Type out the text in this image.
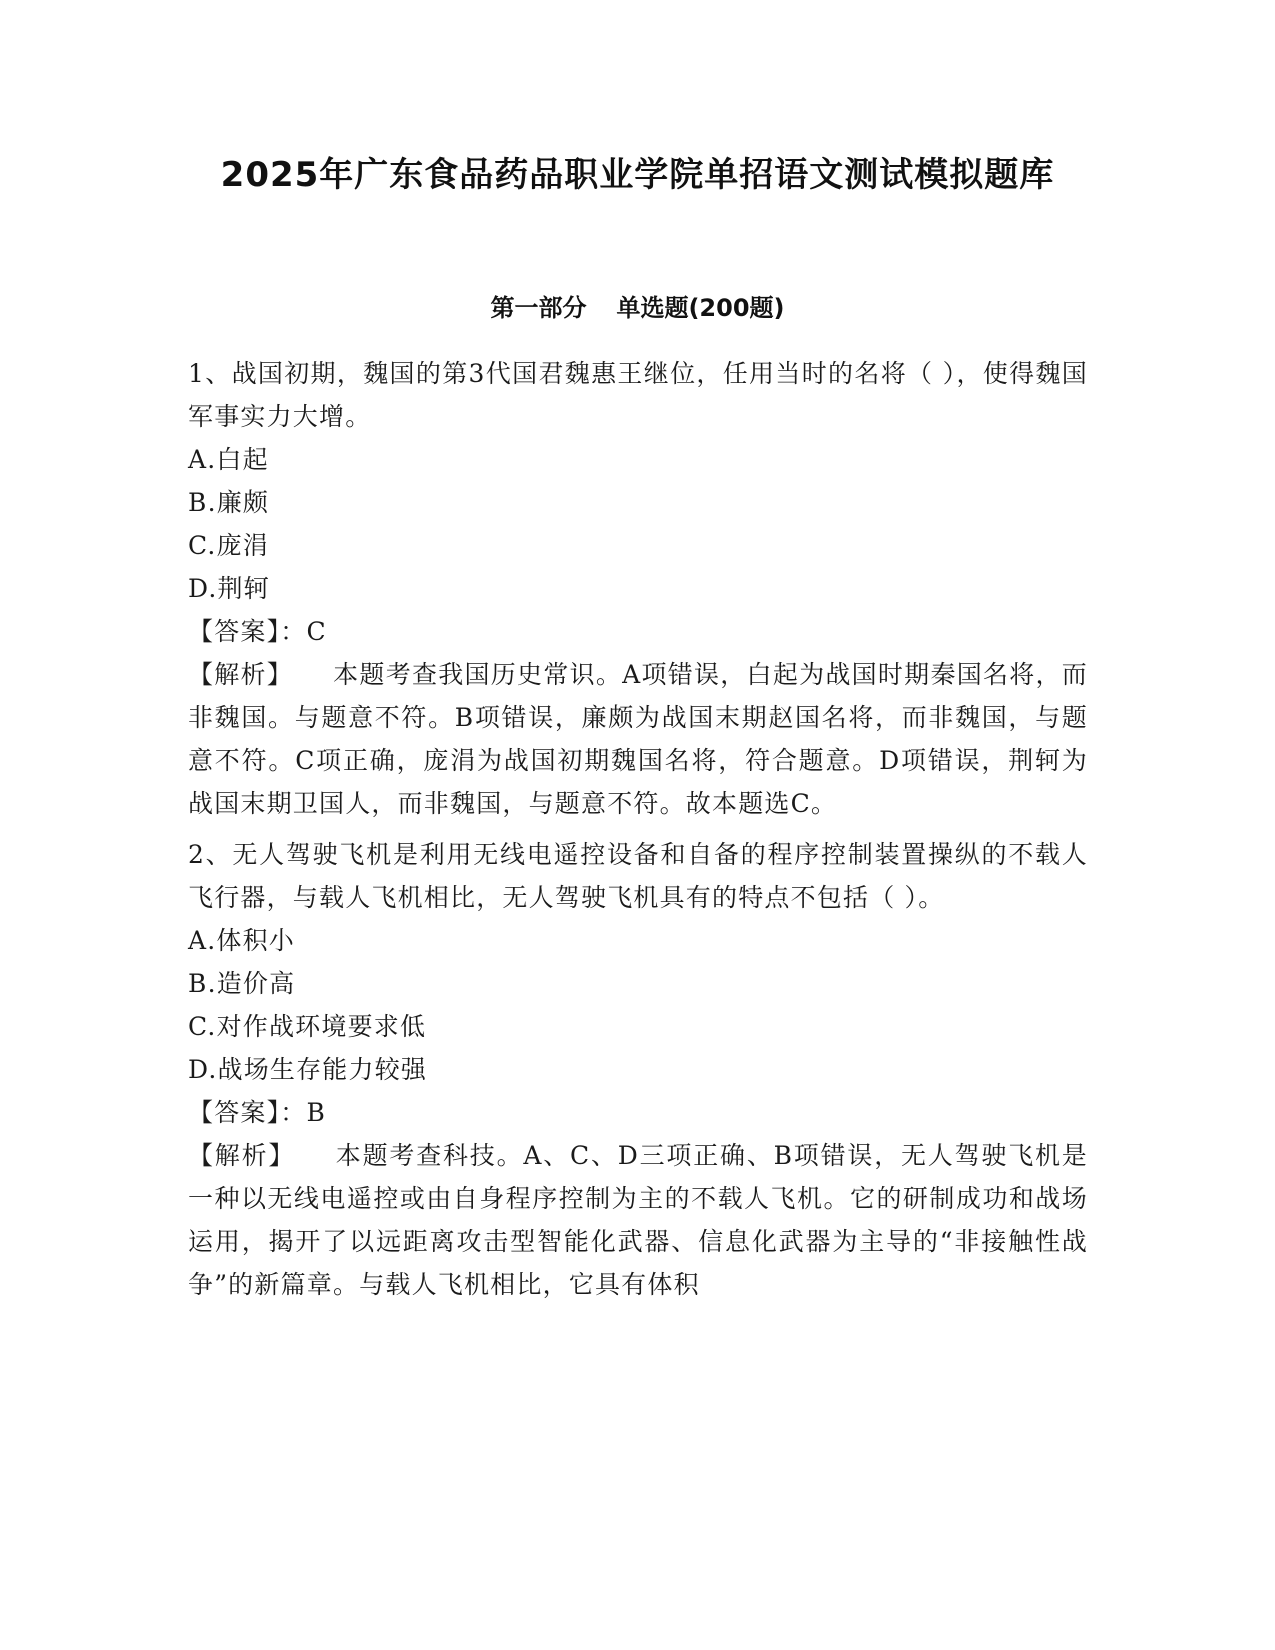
2025年广东食品药品职业学院单招语文测试模拟题库
第一部分 单选题(200题)

1、战国初期，魏国的第3代国君魏惠王继位，任用当时的名将（ ），使得魏国军事实力大增。

A.白起

B.廉颇

C.庞涓

D.荆轲

【答案】：C

【解析】 本题考查我国历史常识。A项错误，白起为战国时期秦国名将，而非魏国。与题意不符。B项错误，廉颇为战国末期赵国名将，而非魏国，与题意不符。C项正确，庞涓为战国初期魏国名将，符合题意。D项错误，荆轲为战国末期卫国人，而非魏国，与题意不符。故本题选C。

2、无人驾驶飞机是利用无线电遥控设备和自备的程序控制装置操纵的不载人飞行器，与载人飞机相比，无人驾驶飞机具有的特点不包括（ ）。

A.体积小

B.造价高

C.对作战环境要求低

D.战场生存能力较强

【答案】：B

【解析】 本题考查科技。A、C、D三项正确、B项错误，无人驾驶飞机是一种以无线电遥控或由自身程序控制为主的不载人飞机。它的研制成功和战场运用，揭开了以远距离攻击型智能化武器、信息化武器为主导的“非接触性战争”的新篇章。与载人飞机相比，它具有体积
